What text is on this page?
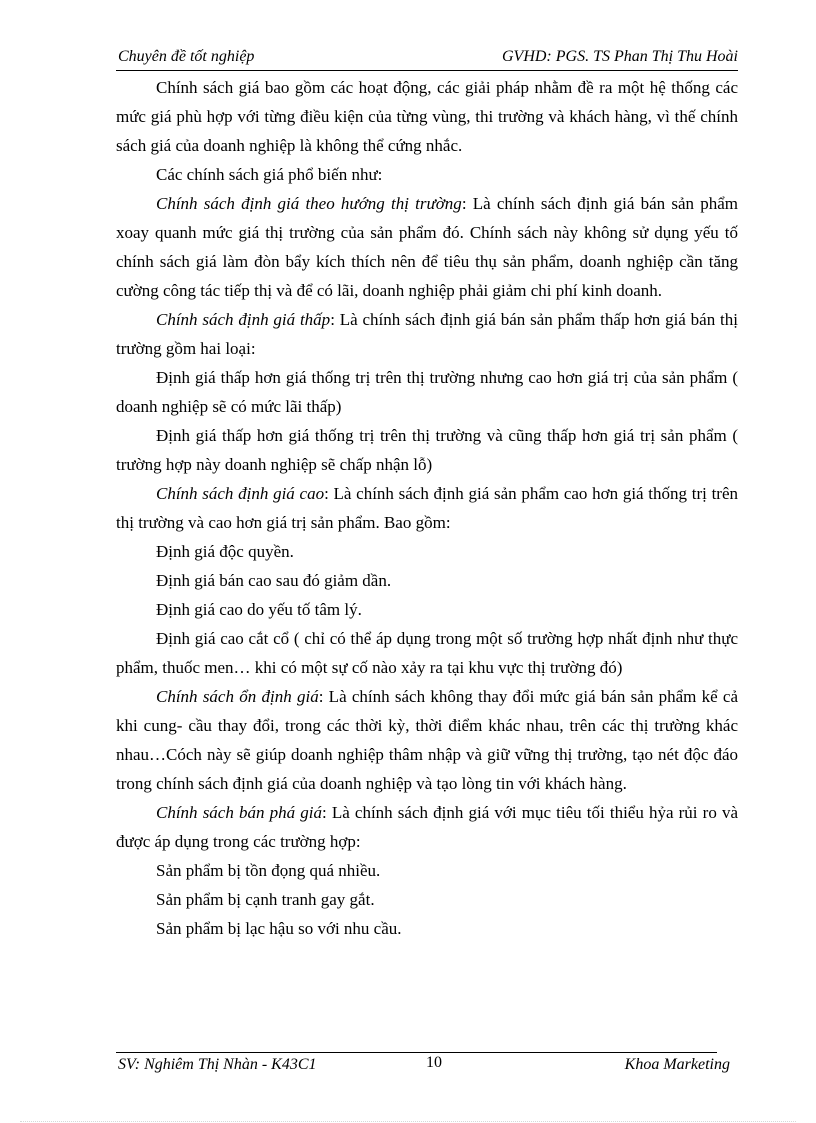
Chuyên đề tốt nghiệp	GVHD: PGS. TS Phan Thị Thu Hoài

Chính sách giá bao gồm các hoạt động, các giải pháp nhằm đề ra một hệ thống các mức giá phù hợp với từng điều kiện của từng vùng, thi trường và khách hàng, vì thế chính sách giá của doanh nghiệp là không thể cứng nhắc.

Các chính sách giá phổ biến như:

Chính sách định giá theo hướng thị trường: Là chính sách định giá bán sản phẩm xoay quanh mức giá thị trường của sản phẩm đó. Chính sách này không sử dụng yếu tố chính sách giá làm đòn bẩy kích thích nên để tiêu thụ sản phẩm, doanh nghiệp cần tăng cường công tác tiếp thị và để có lãi, doanh nghiệp phải giảm chi phí kinh doanh.

Chính sách định giá thấp: Là chính sách định giá bán sản phẩm thấp hơn giá bán thị trường gồm hai loại:

Định giá thấp hơn giá thống trị trên thị trường nhưng cao hơn giá trị của sản phẩm ( doanh nghiệp sẽ có mức lãi thấp)

Định giá thấp hơn giá thống trị trên thị trường và cũng thấp hơn giá trị sản phẩm ( trường hợp này doanh nghiệp sẽ chấp nhận lỗ)

Chính sách định giá cao: Là chính sách định giá sản phẩm cao hơn giá thống trị trên thị trường và cao hơn giá trị sản phẩm. Bao gồm:

Định giá độc quyền.

Định giá bán cao sau đó giảm dần.

Định giá cao do yếu tố tâm lý.

Định giá cao cắt cổ ( chỉ có thể áp dụng trong một số trường hợp nhất định như thực phẩm, thuốc men… khi có một sự cố nào xảy ra tại khu vực thị trường đó)

Chính sách ổn định giá: Là chính sách không thay đổi mức giá bán sản phẩm kể cả khi cung- cầu thay đổi, trong các thời kỳ, thời điểm khác nhau, trên các thị trường khác nhau…Cóch này sẽ giúp doanh nghiệp thâm nhập và giữ vững thị trường, tạo nét độc đáo trong chính sách định giá của doanh nghiệp và tạo lòng tin với khách hàng.

Chính sách bán phá giá: Là chính sách định giá với mục tiêu tối thiểu hỷa rủi ro và được áp dụng trong các trường hợp:

Sản phẩm bị tồn đọng quá nhiều.

Sản phẩm bị cạnh tranh gay gắt.

Sản phẩm bị lạc hậu so với nhu cầu.

SV: Nghiêm Thị Nhàn - K43C1	10	Khoa Marketing
